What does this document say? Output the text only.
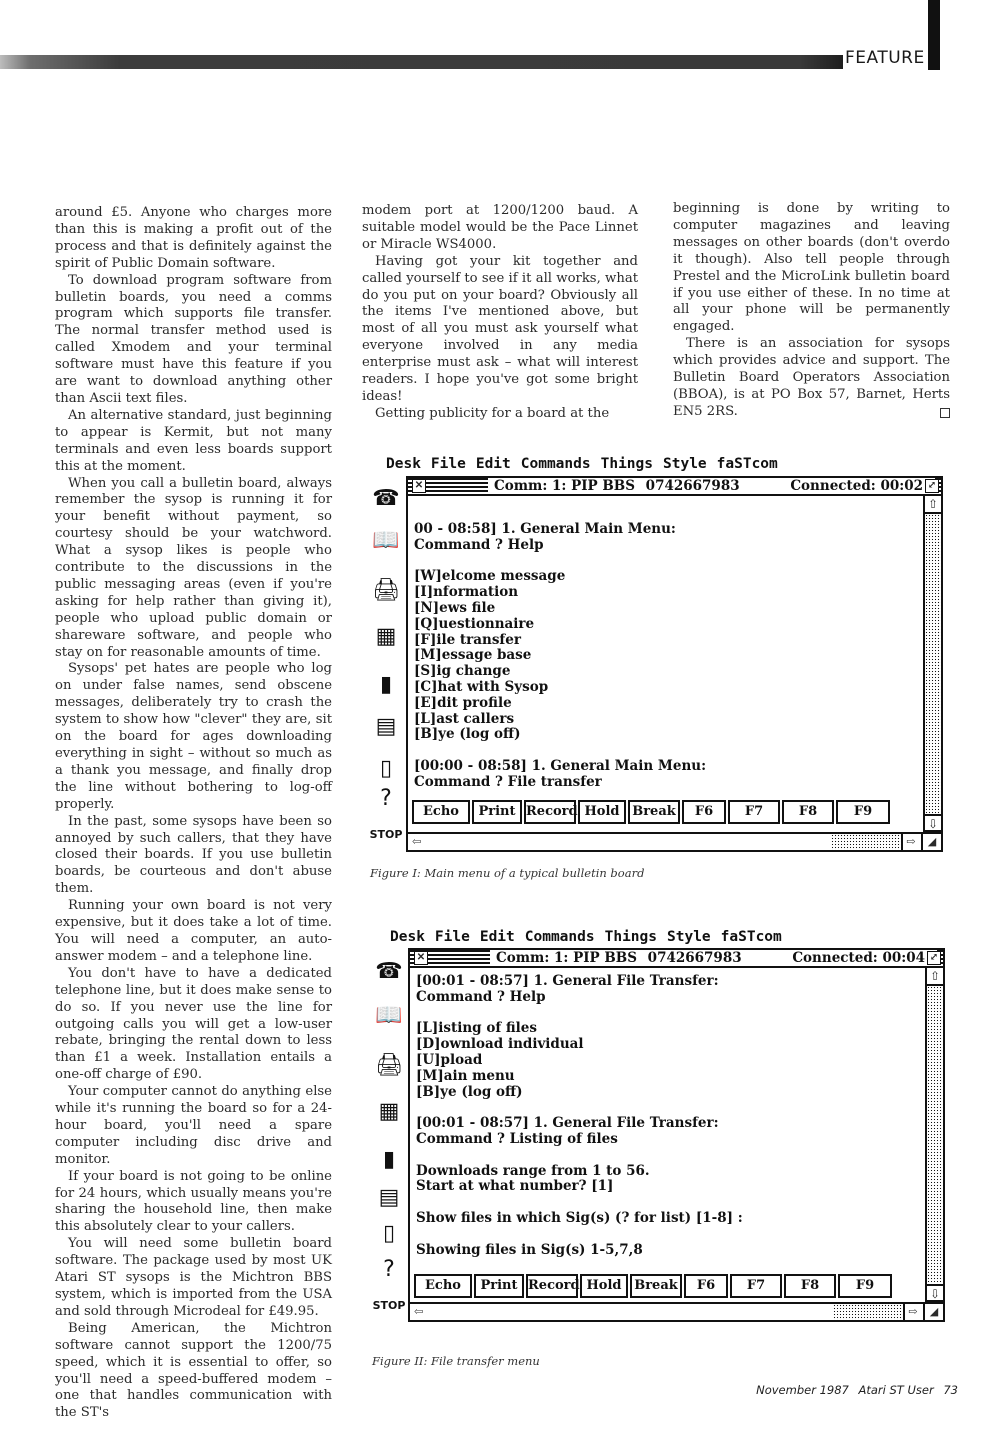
FEATURE

around £5. Anyone who charges more than this is making a profit out of the process and that is definitely against the spirit of Public Domain software.

To download program software from bulletin boards, you need a comms program which supports file transfer. The normal transfer method used is called Xmodem and your terminal software must have this feature if you are want to download anything other than Ascii text files.

An alternative standard, just beginning to appear is Kermit, but not many terminals and even less boards support this at the moment.

When you call a bulletin board, always remember the sysop is running it for your benefit without payment, so courtesy should be your watchword. What a sysop likes is people who contribute to the discussions in the public messaging areas (even if you're asking for help rather than giving it), people who upload public domain or shareware software, and people who stay on for reasonable amounts of time.

Sysops' pet hates are people who log on under false names, send obscene messages, deliberately try to crash the system to show how "clever" they are, sit on the board for ages downloading everything in sight – without so much as a thank you message, and finally drop the line without bothering to log-off properly.

In the past, some sysops have been so annoyed by such callers, that they have closed their boards. If you use bulletin boards, be courteous and don't abuse them.

Running your own board is not very expensive, but it does take a lot of time. You will need a computer, an auto-answer modem – and a telephone line.

You don't have to have a dedicated telephone line, but it does make sense to do so. If you never use the line for outgoing calls you will get a low-user rebate, bringing the rental down to less than £1 a week. Installation entails a one-off charge of £90.

Your computer cannot do anything else while it's running the board so for a 24-hour board, you'll need a spare computer including disc drive and monitor.

If your board is not going to be online for 24 hours, which usually means you're sharing the household line, then make this absolutely clear to your callers.

You will need some bulletin board software. The package used by most UK Atari ST sysops is the Michtron BBS system, which is imported from the USA and sold through Microdeal for £49.95.

Being American, the Michtron software cannot support the 1200/75 speed, which it is essential to offer, so you'll need a speed-buffered modem – one that handles communication with the ST's

modem port at 1200/1200 baud. A suitable model would be the Pace Linnet or Miracle WS4000.

Having got your kit together and called yourself to see if it all works, what do you put on your board? Obviously all the items I've mentioned above, but most of all you must ask yourself what everyone involved in any media enterprise must ask – what will interest readers. I hope you've got some bright ideas!

Getting publicity for a board at the

beginning is done by writing to computer magazines and leaving messages on other boards (don't overdo it though). Also tell people through Prestel and the MicroLink bulletin board if you use either of these. In no time at all your phone will be permanently engaged.

There is an association for sysops which provides advice and support. The Bulletin Board Operators Association (BBOA), is at PO Box 57, Barnet, Herts EN5 2RS.

Desk File Edit Commands Things Style faSTcom
☎
📖
🖨
▦
▮
▤
▯
?
STOP
✕	Comm: 1: PIP BBS 0742667983	Connected: 00:02 ⤢
⇧
⇩
00 - 08:58] 1. General Main Menu:
Command ? Help

[W]elcome message
[I]nformation
[N]ews file
[Q]uestionnaire
[F]ile transfer
[M]essage base
[S]ig change
[C]hat with Sysop
[E]dit profile
[L]ast callers
[B]ye (log off)

[00:00 - 08:58] 1. General Main Menu:
Command ? File transfer
Echo	Print Record Hold Break	F6	F7	F8	F9
⇦	⇨	◢
Figure I: Main menu of a typical bulletin board
Desk File Edit Commands Things Style faSTcom
☎
📖
🖨
▦
▮
▤
▯
?
STOP
✕	Comm: 1: PIP BBS 0742667983	Connected: 00:04 ⤢
⇧
⇩
[00:01 - 08:57] 1. General File Transfer:
Command ? Help

[L]isting of files
[D]ownload individual
[U]pload
[M]ain menu
[B]ye (log off)

[00:01 - 08:57] 1. General File Transfer:
Command ? Listing of files

Downloads range from 1 to 56.
Start at what number? [1]

Show files in which Sig(s) (? for list) [1-8] :

Showing files in Sig(s) 1-5,7,8
Echo	Print Record Hold Break	F6	F7	F8	F9
⇦	⇨	◢
Figure II: File transfer menu
November 1987 Atari ST User 73
